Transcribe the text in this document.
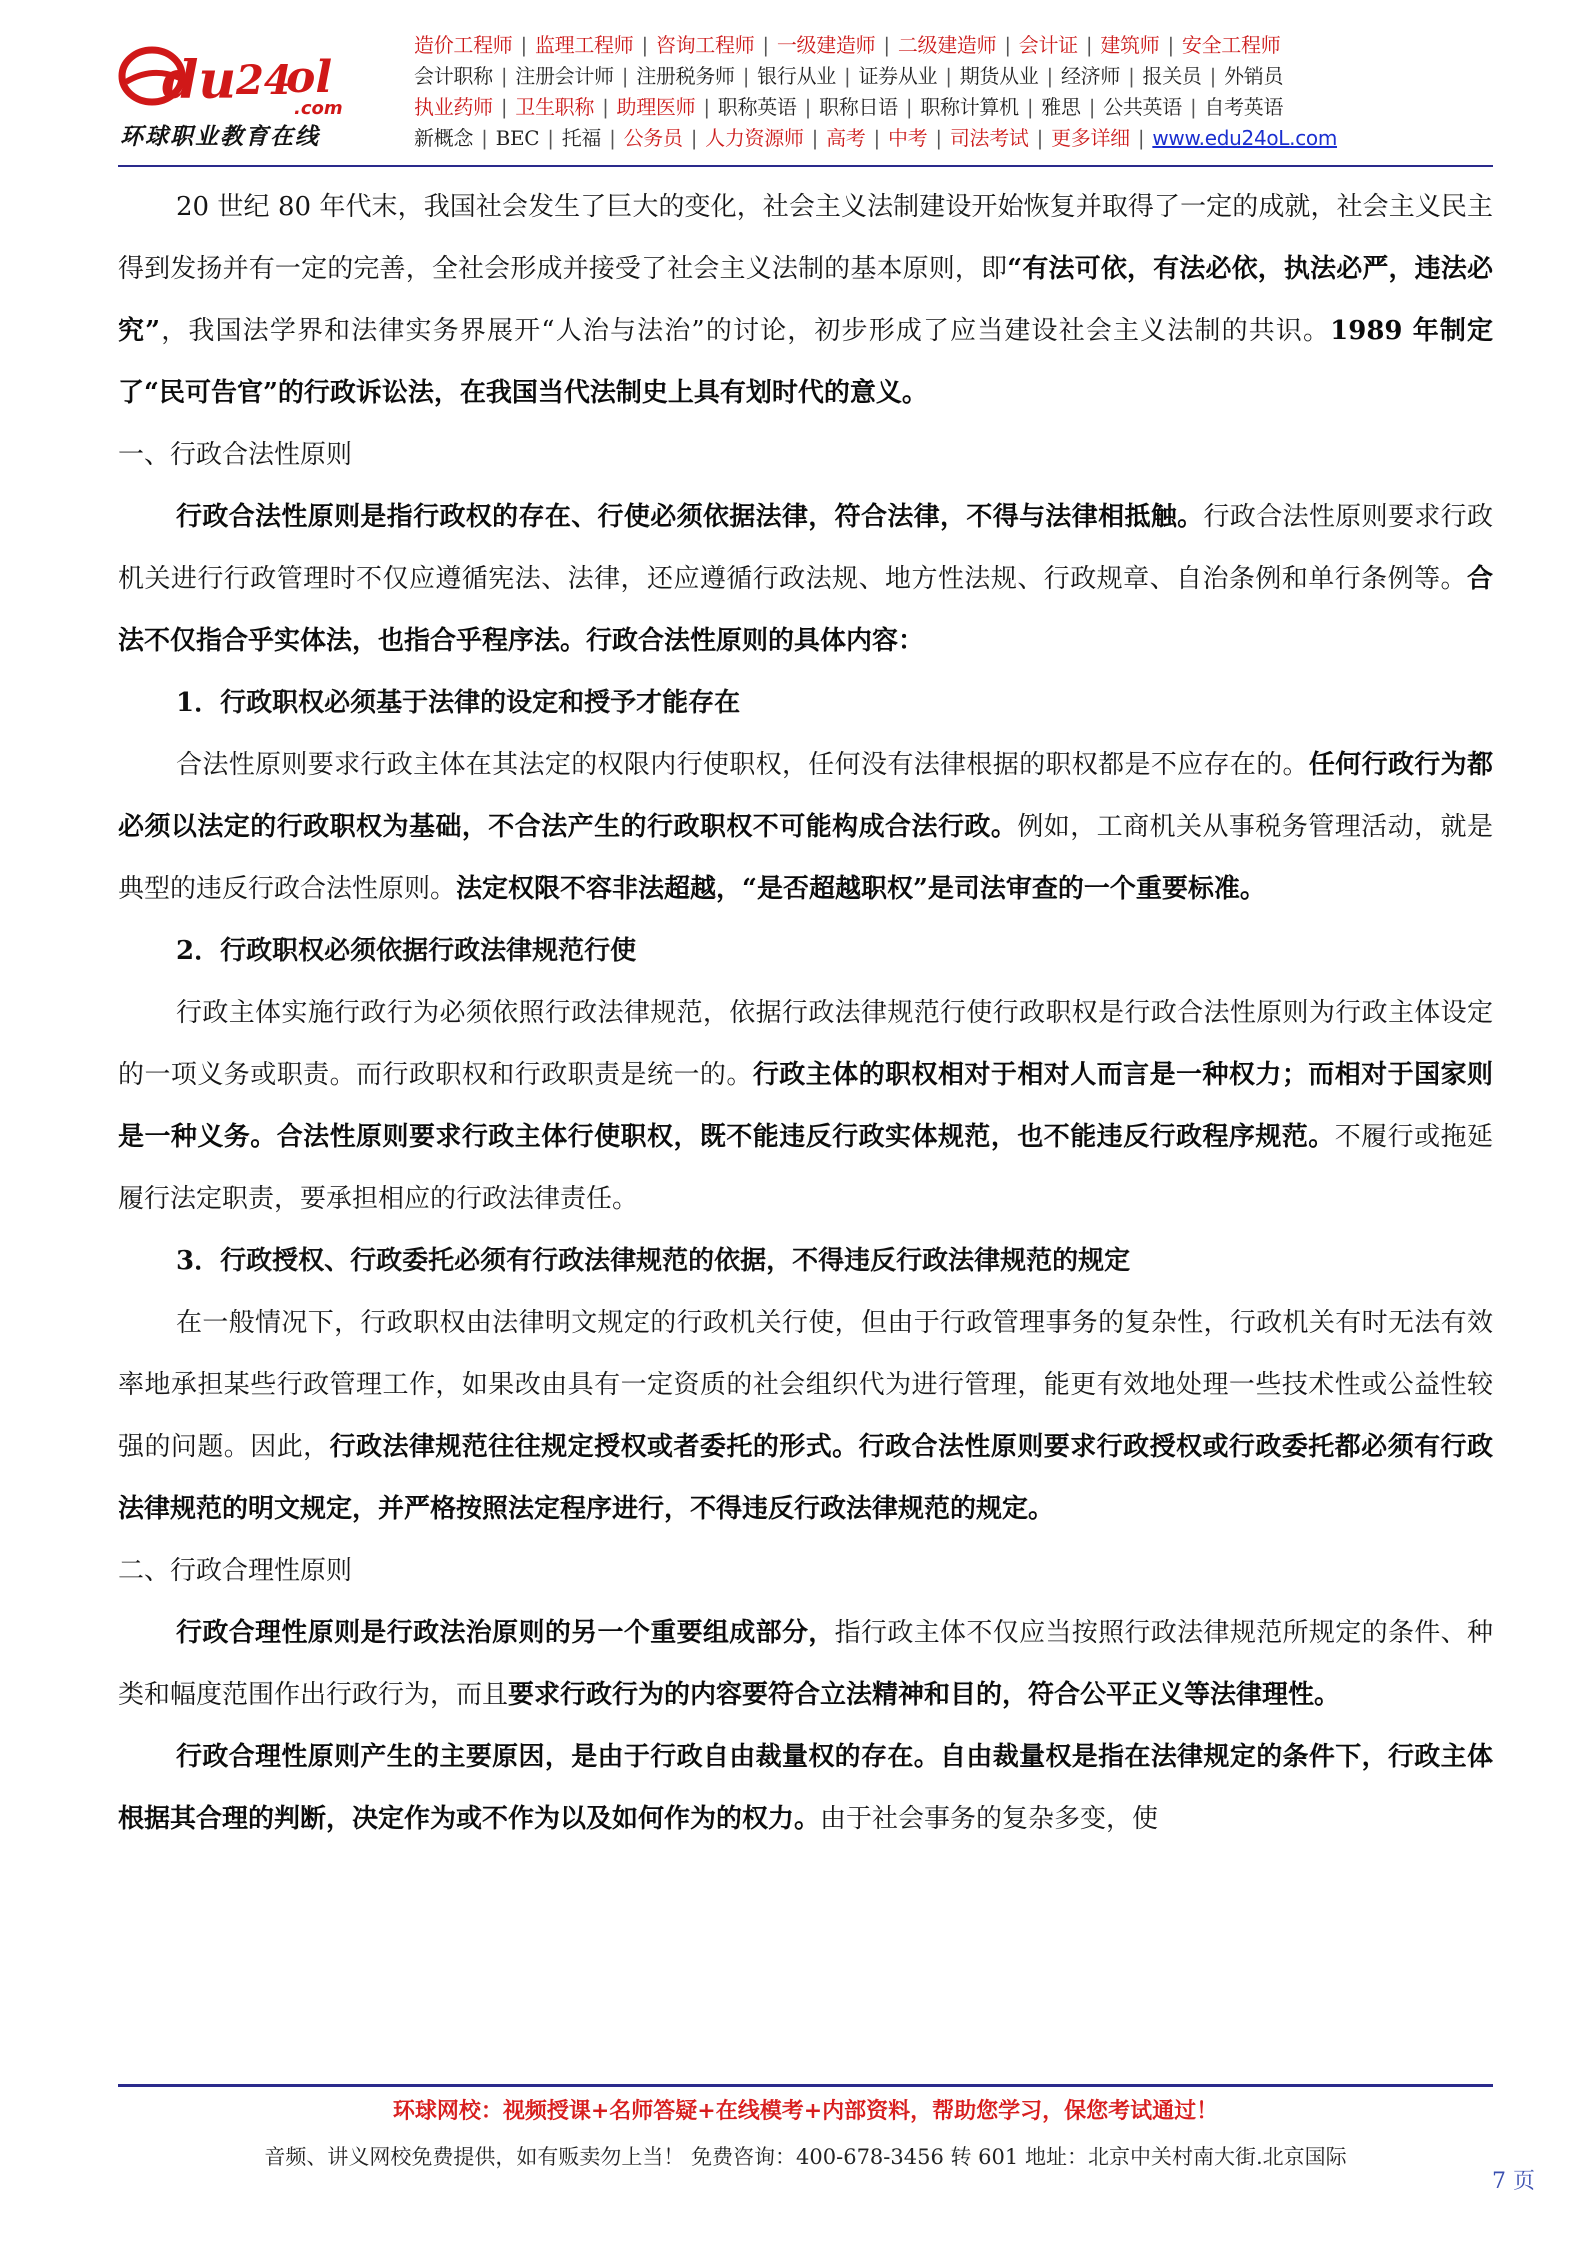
du 24
ol
.com
环球职业教育在线
造价工程师 | 监理工程师 | 咨询工程师 | 一级建造师 | 二级建造师 | 会计证 | 建筑师 | 安全工程师
会计职称 | 注册会计师 | 注册税务师 | 银行从业 | 证券从业 | 期货从业 | 经济师 | 报关员 | 外销员
执业药师 | 卫生职称 | 助理医师 | 职称英语 | 职称日语 | 职称计算机 | 雅思 | 公共英语 | 自考英语
新概念 | BEC | 托福 | 公务员 | 人力资源师 | 高考 | 中考 | 司法考试 | 更多详细 | www.edu24oL.com

20 世纪 80 年代末，我国社会发生了巨大的变化，社会主义法制建设开始恢复并取得了一定的成就，社会主义民主得到发扬并有一定的完善，全社会形成并接受了社会主义法制的基本原则，即“有法可依，有法必依，执法必严，违法必究”，我国法学界和法律实务界展开“人治与法治”的讨论，初步形成了应当建设社会主义法制的共识。1989 年制定了“民可告官”的行政诉讼法，在我国当代法制史上具有划时代的意义。

一、行政合法性原则

行政合法性原则是指行政权的存在、行使必须依据法律，符合法律，不得与法律相抵触。行政合法性原则要求行政机关进行行政管理时不仅应遵循宪法、法律，还应遵循行政法规、地方性法规、行政规章、自治条例和单行条例等。合法不仅指合乎实体法，也指合乎程序法。行政合法性原则的具体内容：

1．行政职权必须基于法律的设定和授予才能存在

合法性原则要求行政主体在其法定的权限内行使职权，任何没有法律根据的职权都是不应存在的。任何行政行为都必须以法定的行政职权为基础，不合法产生的行政职权不可能构成合法行政。例如，工商机关从事税务管理活动，就是典型的违反行政合法性原则。法定权限不容非法超越，“是否超越职权”是司法审查的一个重要标准。

2．行政职权必须依据行政法律规范行使

行政主体实施行政行为必须依照行政法律规范，依据行政法律规范行使行政职权是行政合法性原则为行政主体设定的一项义务或职责。而行政职权和行政职责是统一的。行政主体的职权相对于相对人而言是一种权力；而相对于国家则是一种义务。合法性原则要求行政主体行使职权，既不能违反行政实体规范，也不能违反行政程序规范。不履行或拖延履行法定职责，要承担相应的行政法律责任。

3．行政授权、行政委托必须有行政法律规范的依据，不得违反行政法律规范的规定

在一般情况下，行政职权由法律明文规定的行政机关行使，但由于行政管理事务的复杂性，行政机关有时无法有效率地承担某些行政管理工作，如果改由具有一定资质的社会组织代为进行管理，能更有效地处理一些技术性或公益性较强的问题。因此，行政法律规范往往规定授权或者委托的形式。行政合法性原则要求行政授权或行政委托都必须有行政法律规范的明文规定，并严格按照法定程序进行，不得违反行政法律规范的规定。

二、行政合理性原则

行政合理性原则是行政法治原则的另一个重要组成部分，指行政主体不仅应当按照行政法律规范所规定的条件、种类和幅度范围作出行政行为，而且要求行政行为的内容要符合立法精神和目的，符合公平正义等法律理性。

行政合理性原则产生的主要原因，是由于行政自由裁量权的存在。自由裁量权是指在法律规定的条件下，行政主体根据其合理的判断，决定作为或不作为以及如何作为的权力。由于社会事务的复杂多变，使

环球网校：视频授课+名师答疑+在线模考+内部资料，帮助您学习，保您考试通过！
音频、讲义网校免费提供，如有贩卖勿上当！ 免费咨询：400-678-3456 转 601 地址：北京中关村南大街.北京国际
7 页
